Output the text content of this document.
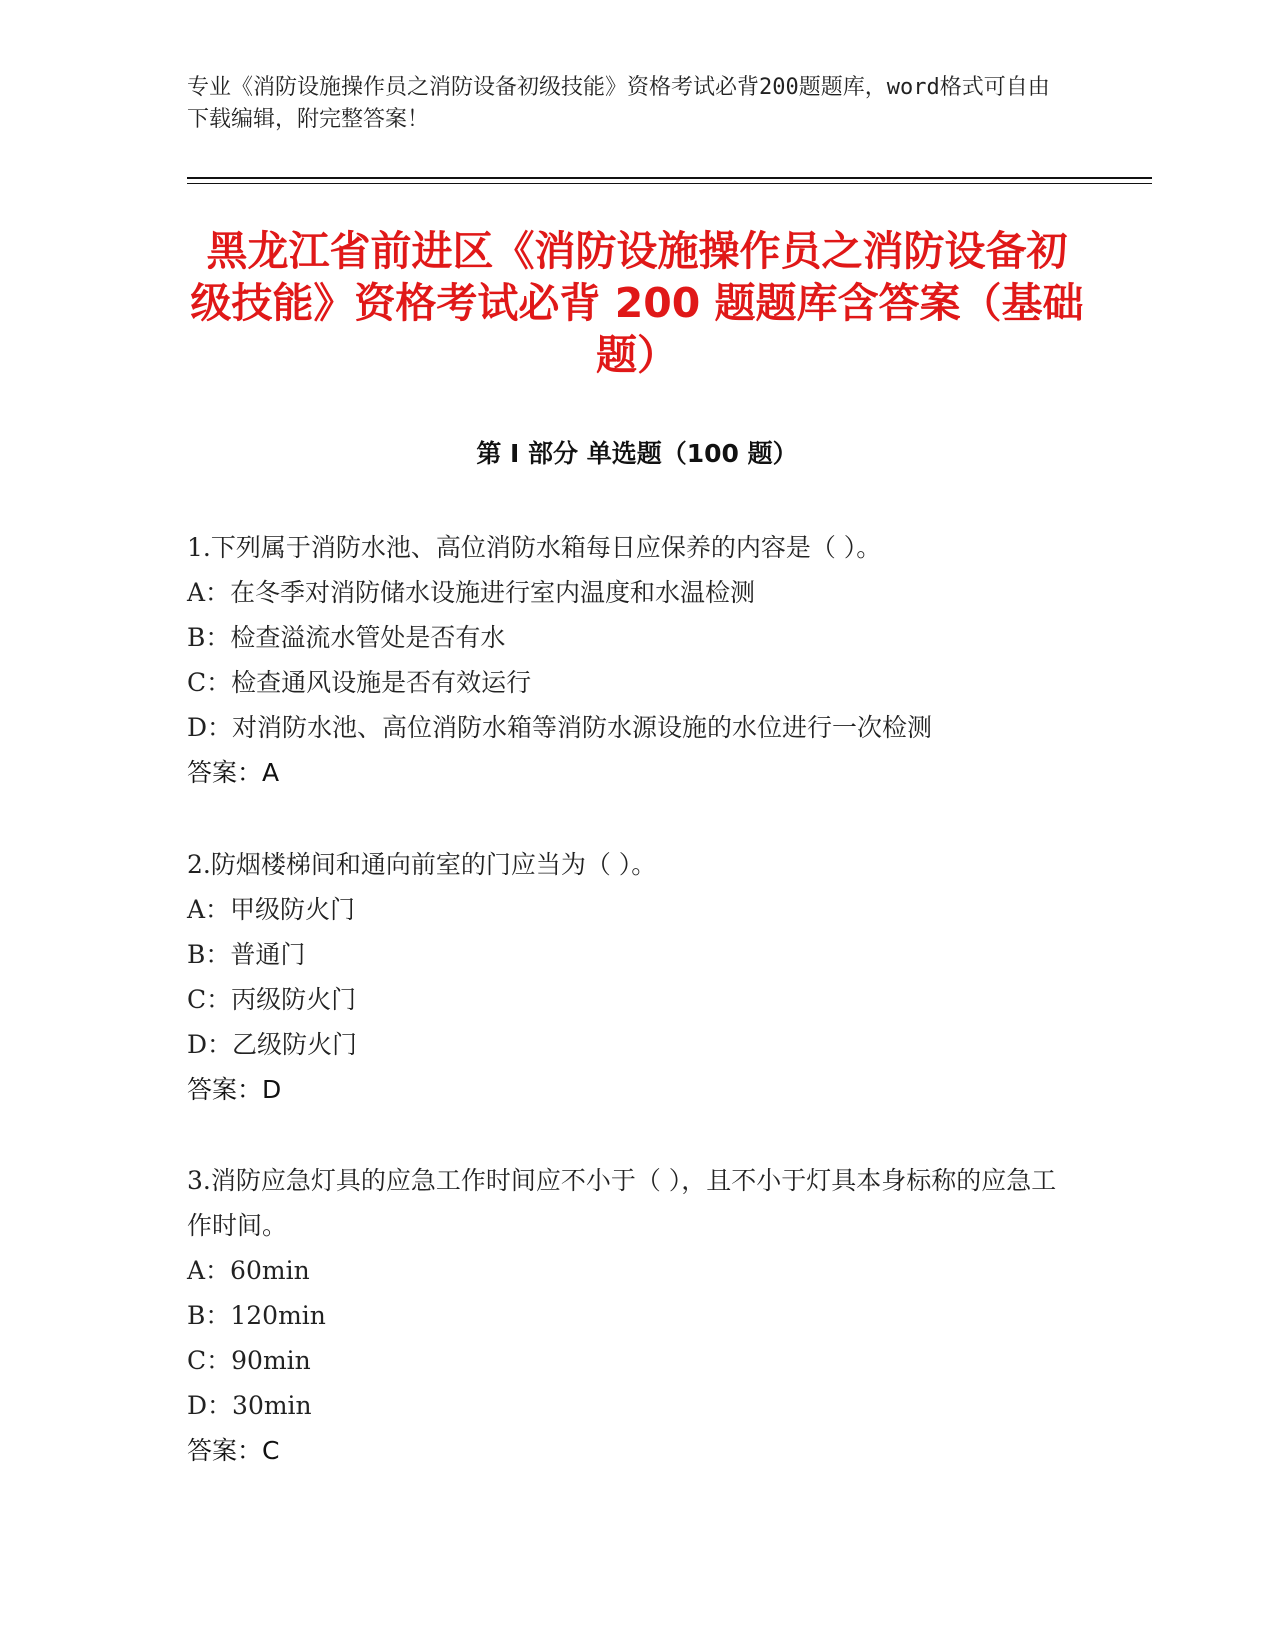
专业《消防设施操作员之消防设备初级技能》资格考试必背200题题库，word格式可自由下载编辑，附完整答案！
黑龙江省前进区《消防设施操作员之消防设备初级技能》资格考试必背 200 题题库含答案（基础题）
第 I 部分 单选题（100 题）

1.下列属于消防水池、高位消防水箱每日应保养的内容是（ ）。

A：在冬季对消防储水设施进行室内温度和水温检测

B：检查溢流水管处是否有水

C：检查通风设施是否有效运行

D：对消防水池、高位消防水箱等消防水源设施的水位进行一次检测

答案：A

2.防烟楼梯间和通向前室的门应当为（ ）。

A：甲级防火门

B：普通门

C：丙级防火门

D：乙级防火门

答案：D

3.消防应急灯具的应急工作时间应不小于（ ），且不小于灯具本身标称的应急工作时间。

A：60min

B：120min

C：90min

D：30min

答案：C
